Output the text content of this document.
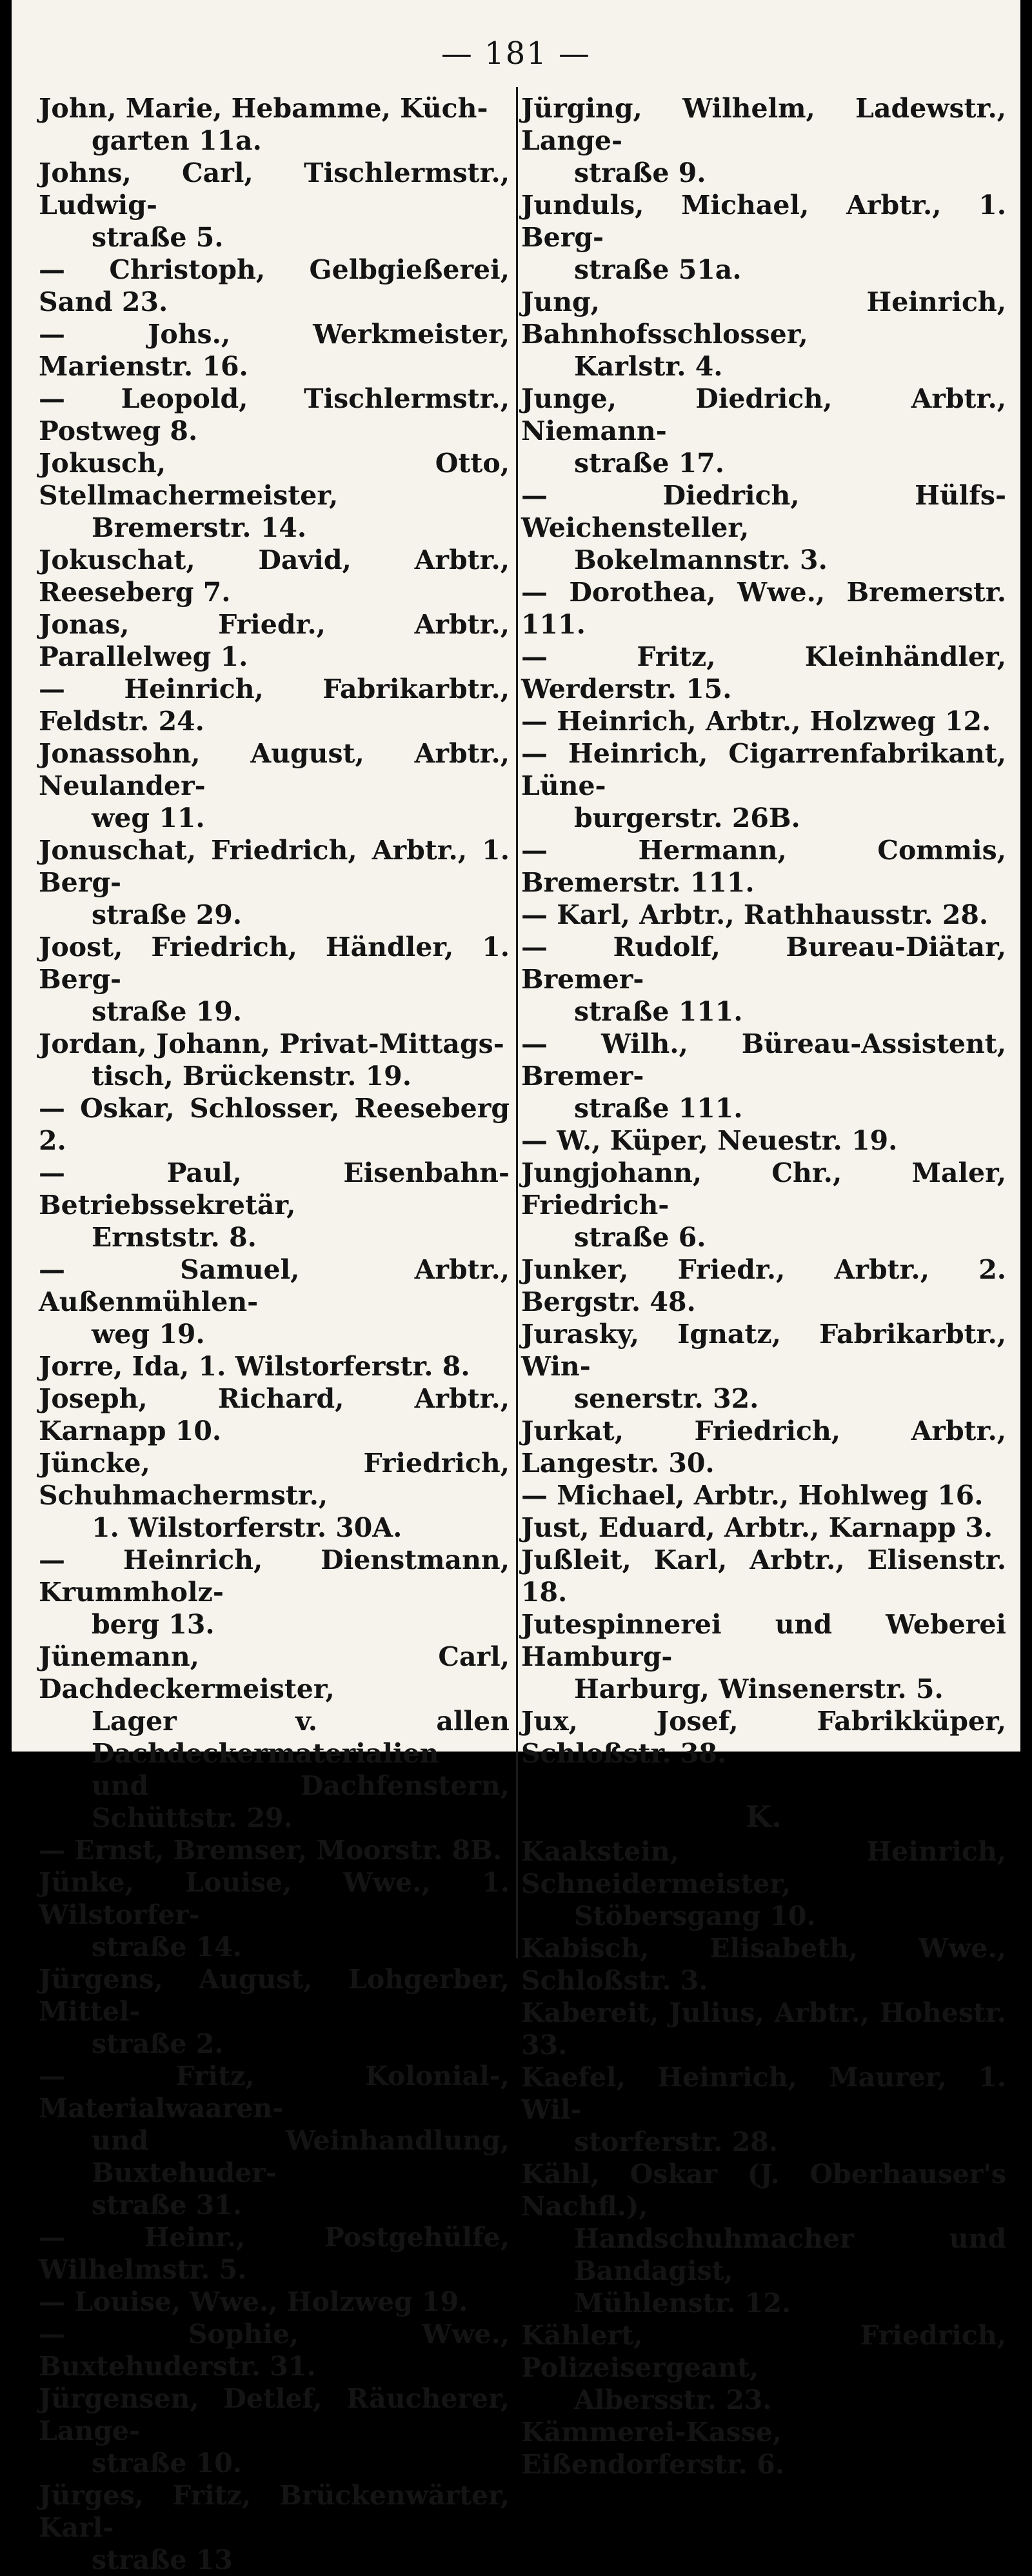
— 181 —

John, Marie, Hebamme, Küch-

garten 11a.

Johns, Carl, Tischlermstr., Ludwig-

straße 5.

— Christoph, Gelbgießerei, Sand 23.

— Johs., Werkmeister, Marienstr. 16.

— Leopold, Tischlermstr., Postweg 8.

Jokusch, Otto, Stellmachermeister,

Bremerstr. 14.

Jokuschat, David, Arbtr., Reeseberg 7.

Jonas, Friedr., Arbtr., Parallelweg 1.

— Heinrich, Fabrikarbtr., Feldstr. 24.

Jonassohn, August, Arbtr., Neulander-

weg 11.

Jonuschat, Friedrich, Arbtr., 1. Berg-

straße 29.

Joost, Friedrich, Händler, 1. Berg-

straße 19.

Jordan, Johann, Privat-Mittags-

tisch, Brückenstr. 19.

— Oskar, Schlosser, Reeseberg 2.

— Paul, Eisenbahn-Betriebssekretär,

Ernststr. 8.

— Samuel, Arbtr., Außenmühlen-

weg 19.

Jorre, Ida, 1. Wilstorferstr. 8.

Joseph, Richard, Arbtr., Karnapp 10.

Jüncke, Friedrich, Schuhmachermstr.,

1. Wilstorferstr. 30A.

— Heinrich, Dienstmann, Krummholz-

berg 13.

Jünemann, Carl, Dachdeckermeister,

Lager v. allen Dachdeckermaterialien

und Dachfenstern, Schüttstr. 29.

— Ernst, Bremser, Moorstr. 8B.

Jünke, Louise, Wwe., 1. Wilstorfer-

straße 14.

Jürgens, August, Lohgerber, Mittel-

straße 2.

— Fritz, Kolonial-, Materialwaaren-

und Weinhandlung, Buxtehuder-

straße 31.

— Heinr., Postgehülfe, Wilhelmstr. 5.

— Louise, Wwe., Holzweg 19.

— Sophie, Wwe., Buxtehuderstr. 31.

Jürgensen, Detlef, Räucherer, Lange-

straße 10.

Jürges, Fritz, Brückenwärter, Karl-

straße 13

Jürging, Wilhelm, Ladewstr., Lange-

straße 9.

Junduls, Michael, Arbtr., 1. Berg-

straße 51a.

Jung, Heinrich, Bahnhofsschlosser,

Karlstr. 4.

Junge, Diedrich, Arbtr., Niemann-

straße 17.

— Diedrich, Hülfs-Weichensteller,

Bokelmannstr. 3.

— Dorothea, Wwe., Bremerstr. 111.

— Fritz, Kleinhändler, Werderstr. 15.

— Heinrich, Arbtr., Holzweg 12.

— Heinrich, Cigarrenfabrikant, Lüne-

burgerstr. 26B.

— Hermann, Commis, Bremerstr. 111.

— Karl, Arbtr., Rathhausstr. 28.

— Rudolf, Bureau-Diätar, Bremer-

straße 111.

— Wilh., Büreau-Assistent, Bremer-

straße 111.

— W., Küper, Neuestr. 19.

Jungjohann, Chr., Maler, Friedrich-

straße 6.

Junker, Friedr., Arbtr., 2. Bergstr. 48.

Jurasky, Ignatz, Fabrikarbtr., Win-

senerstr. 32.

Jurkat, Friedrich, Arbtr., Langestr. 30.

— Michael, Arbtr., Hohlweg 16.

Just, Eduard, Arbtr., Karnapp 3.

Jußleit, Karl, Arbtr., Elisenstr. 18.

Jutespinnerei und Weberei Hamburg-

Harburg, Winsenerstr. 5.

Jux, Josef, Fabrikküper, Schloßstr. 38.

K.

Kaakstein, Heinrich, Schneidermeister,

Stöbersgang 10.

Kabisch, Elisabeth, Wwe., Schloßstr. 3.

Kabereit, Julius, Arbtr., Hohestr. 33.

Kaefel, Heinrich, Maurer, 1. Wil-

storferstr. 28.

Kähl, Oskar (J. Oberhauser's Nachfl.),

Handschuhmacher und Bandagist,

Mühlenstr. 12.

Kählert, Friedrich, Polizeisergeant,

Albersstr. 23.

Kämmerei-Kasse, Eißendorferstr. 6.
